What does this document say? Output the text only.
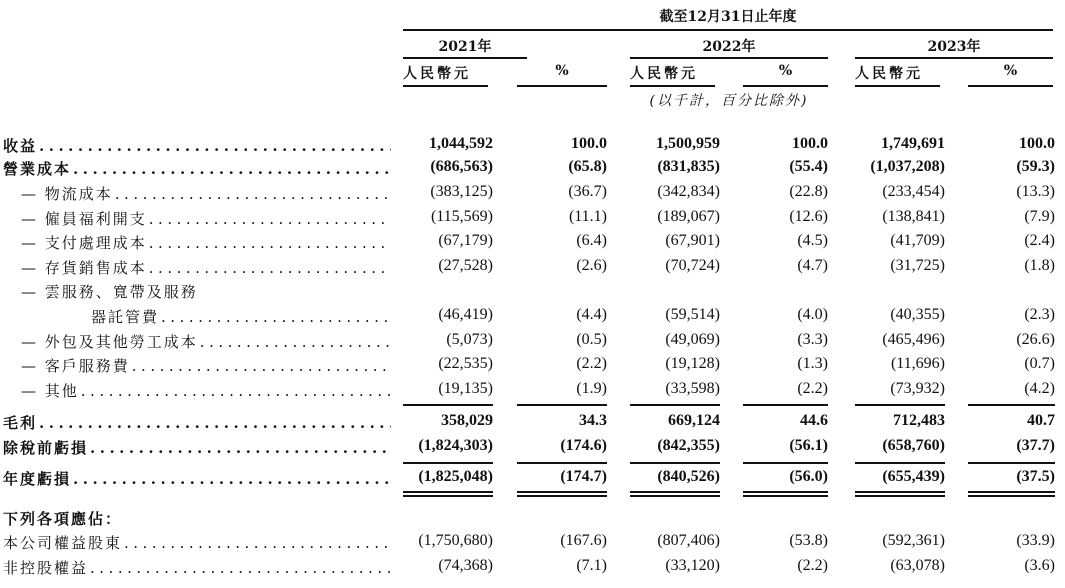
截至12月31日止年度
2021年	2022年	2023年
人民幣元	%	人民幣元	%	人民幣元	%
(以千計，百分比除外)
收益 .....	1,044,592	100.0	1,500,959	100.0	1,749,691	100.0
營業成本 .....	(686,563)	(65.8)	(831,835)	(55.4)	(1,037,208)	(59.3)
— 物流成本 .....	(383,125)	(36.7)	(342,834)	(22.8)	(233,454)	(13.3)
— 僱員福利開支 .....	(115,569)	(11.1)	(189,067)	(12.6)	(138,841)	(7.9)
— 支付處理成本 .....	(67,179)	(6.4)	(67,901)	(4.5)	(41,709)	(2.4)
— 存貨銷售成本 .....	(27,528)	(2.6)	(70,724)	(4.7)	(31,725)	(1.8)
— 雲服務、寬帶及服務
器託管費 .....	(46,419)	(4.4)	(59,514)	(4.0)	(40,355)	(2.3)
— 外包及其他勞工成本 .....	(5,073)	(0.5)	(49,069)	(3.3)	(465,496)	(26.6)
— 客戶服務費 .....	(22,535)	(2.2)	(19,128)	(1.3)	(11,696)	(0.7)
— 其他 .....	(19,135)	(1.9)	(33,598)	(2.2)	(73,932)	(4.2)
毛利 .....	358,029	34.3	669,124	44.6	712,483	40.7
除稅前虧損 .....	(1,824,303)	(174.6)	(842,355)	(56.1)	(658,760)	(37.7)
年度虧損 .....	(1,825,048)	(174.7)	(840,526)	(56.0)	(655,439)	(37.5)
下列各項應佔：
本公司權益股東 .....	(1,750,680)	(167.6)	(807,406)	(53.8)	(592,361)	(33.9)
非控股權益 .....	(74,368)	(7.1)	(33,120)	(2.2)	(63,078)	(3.6)
